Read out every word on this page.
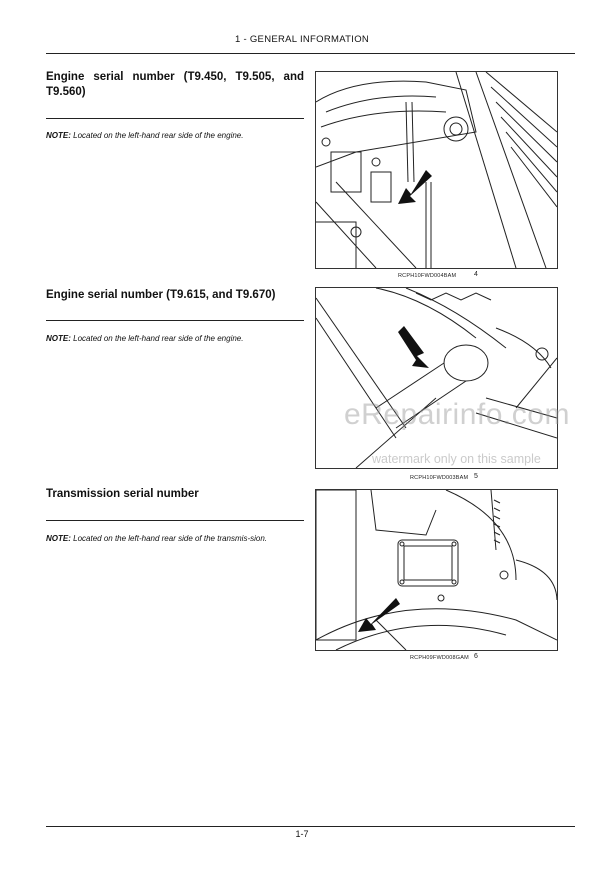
1 - GENERAL INFORMATION
Engine serial number (T9.450, T9.505, and T9.560)
NOTE: Located on the left-hand rear side of the engine.
RCPH10FWD004BAM	4
Engine serial number (T9.615, and T9.670)
NOTE: Located on the left-hand rear side of the engine.
RCPH10FWD003BAM 5
Transmission serial number
NOTE: Located on the left-hand rear side of the transmis-sion.
RCPH09FWD008GAM 6
eRepairinfo.com
watermark only on this sample
1-7
